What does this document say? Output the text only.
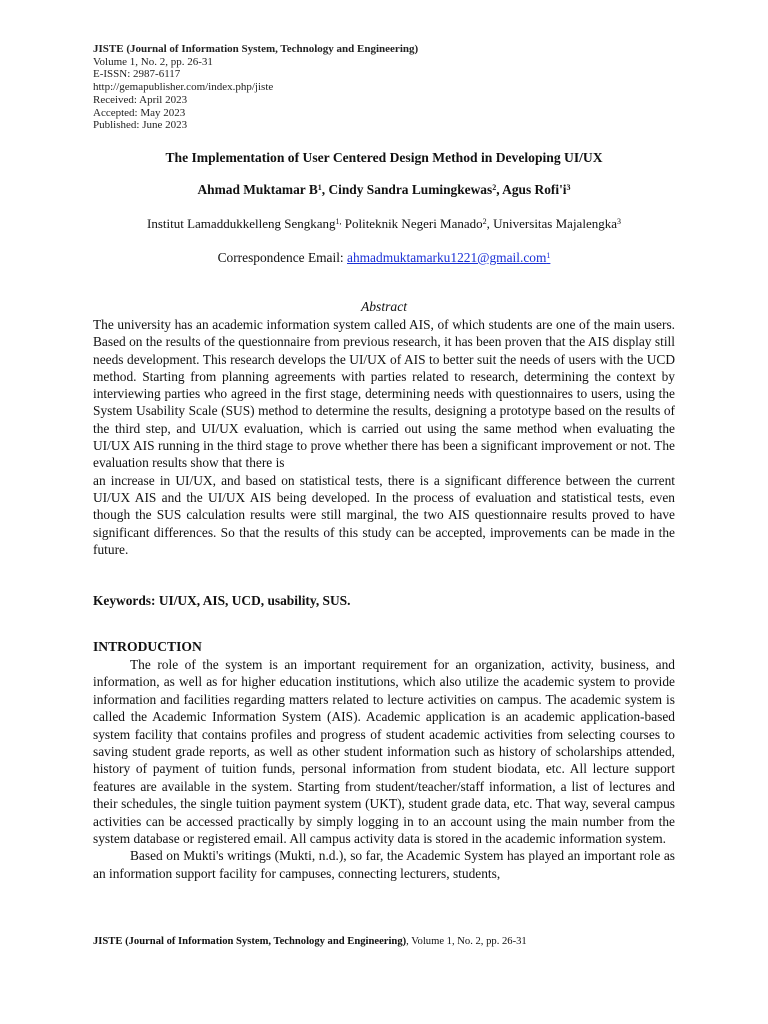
JISTE (Journal of Information System, Technology and Engineering)
Volume 1, No. 2, pp. 26-31
E-ISSN: 2987-6117
http://gemapublisher.com/index.php/jiste
Received: April 2023
Accepted: May 2023
Published: June 2023
The Implementation of User Centered Design Method in Developing UI/UX
Ahmad Muktamar $B^1$, Cindy Sandra Lumingkewas$^2$, Agus $Rofi'i^3$
Institut Lamaddukkelleng Sengkang$^{1,}$ Politeknik Negeri Manado$^2$, Universitas Majalengka$^3$
Correspondence Email: ahmadmuktamarku1221@gmail.com$^1$
Abstract

The university has an academic information system called AIS, of which students are one of the main users. Based on the results of the questionnaire from previous research, it has been proven that the AIS display still needs development. This research develops the UI/UX of AIS to better suit the needs of users with the UCD method. Starting from planning agreements with parties related to research, determining the context by interviewing parties who agreed in the first stage, determining needs with questionnaires to users, using the System Usability Scale (SUS) method to determine the results, designing a prototype based on the results of the third step, and UI/UX evaluation, which is carried out using the same method when evaluating the UI/UX AIS running in the third stage to prove whether there has been a significant improvement or not. The evaluation results show that there is

an increase in UI/UX, and based on statistical tests, there is a significant difference between the current UI/UX AIS and the UI/UX AIS being developed. In the process of evaluation and statistical tests, even though the SUS calculation results were still marginal, the two AIS questionnaire results proved to have significant differences. So that the results of this study can be accepted, improvements can be made in the future.

Keywords: UI/UX, AIS, UCD, usability, SUS.
INTRODUCTION

The role of the system is an important requirement for an organization, activity, business, and information, as well as for higher education institutions, which also utilize the academic system to provide information and facilities regarding matters related to lecture activities on campus. The academic system is called the Academic Information System (AIS). Academic application is an academic application-based system facility that contains profiles and progress of student academic activities from selecting courses to saving student grade reports, as well as other student information such as history of scholarships attended, history of payment of tuition funds, personal information from student biodata, etc. All lecture support features are available in the system. Starting from student/teacher/staff information, a list of lectures and their schedules, the single tuition payment system (UKT), student grade data, etc. That way, several campus activities can be accessed practically by simply logging in to an account using the main number from the system database or registered email. All campus activity data is stored in the academic information system.

Based on Mukti's writings (Mukti, n.d.), so far, the Academic System has played an important role as an information support facility for campuses, connecting lecturers, students,

JISTE (Journal of Information System, Technology and Engineering), Volume 1, No. 2, pp. 26-31
